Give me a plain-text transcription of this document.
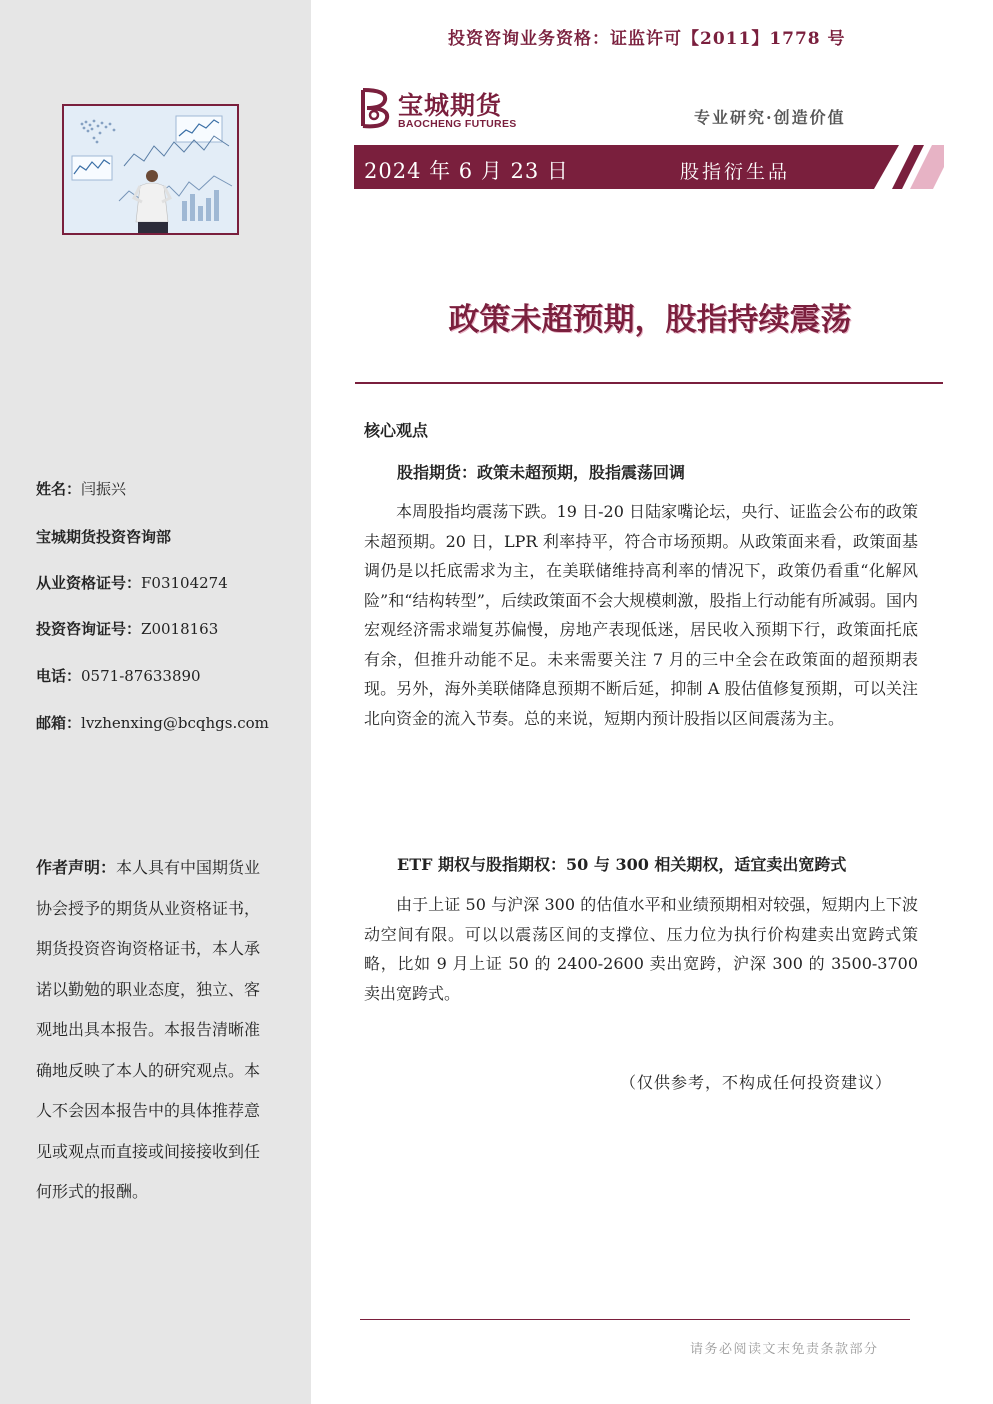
姓名：闫振兴
宝城期货投资咨询部
从业资格证号：F03104274
投资咨询证号：Z0018163
电话：0571-87633890
邮箱：lvzhenxing@bcqhgs.com
作者声明：本人具有中国期货业协会授予的期货从业资格证书，期货投资咨询资格证书，本人承诺以勤勉的职业态度，独立、客观地出具本报告。本报告清晰准确地反映了本人的研究观点。本人不会因本报告中的具体推荐意见或观点而直接或间接接收到任何形式的报酬。
投资咨询业务资格：证监许可【2011】1778 号
宝城期货
BAOCHENG FUTURES	专业研究·创造价值
2024 年 6 月 23 日	股指衍生品
政策未超预期，股指持续震荡
核心观点
股指期货：政策未超预期，股指震荡回调
本周股指均震荡下跌。19 日-20 日陆家嘴论坛，央行、证监会公布的政策未超预期。20 日，LPR 利率持平，符合市场预期。从政策面来看，政策面基调仍是以托底需求为主，在美联储维持高利率的情况下，政策仍看重“化解风险”和“结构转型”，后续政策面不会大规模刺激，股指上行动能有所减弱。国内宏观经济需求端复苏偏慢，房地产表现低迷，居民收入预期下行，政策面托底有余，但推升动能不足。未来需要关注 7 月的三中全会在政策面的超预期表现。另外，海外美联储降息预期不断后延，抑制 A 股估值修复预期，可以关注北向资金的流入节奏。总的来说，短期内预计股指以区间震荡为主。
ETF 期权与股指期权：50 与 300 相关期权，适宜卖出宽跨式
由于上证 50 与沪深 300 的估值水平和业绩预期相对较强，短期内上下波动空间有限。可以以震荡区间的支撑位、压力位为执行价构建卖出宽跨式策略，比如 9 月上证 50 的 2400-2600 卖出宽跨，沪深 300 的 3500-3700 卖出宽跨式。
（仅供参考，不构成任何投资建议）
请务必阅读文末免责条款部分
